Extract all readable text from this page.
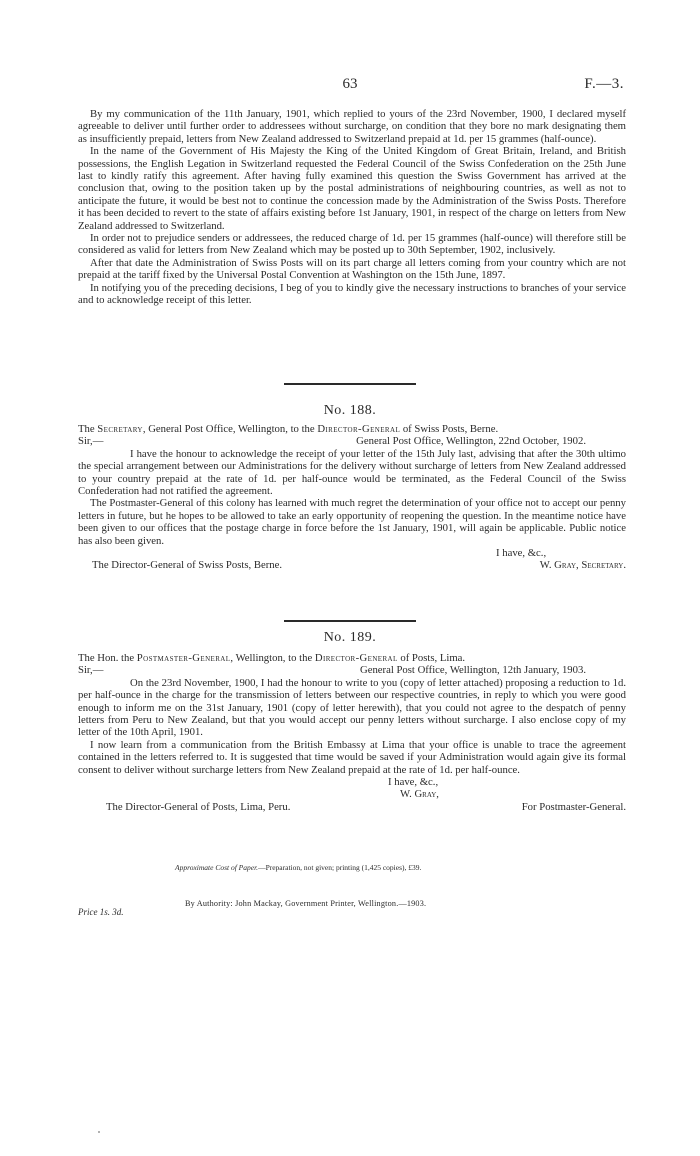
63	F.—3.

By my communication of the 11th January, 1901, which replied to yours of the 23rd November, 1900, I declared myself agreeable to deliver until further order to addressees without surcharge, on condition that they bore no mark designating them as insufficiently prepaid, letters from New Zealand addressed to Switzerland prepaid at 1d. per 15 grammes (half-ounce).

In the name of the Government of His Majesty the King of the United Kingdom of Great Britain, Ireland, and British possessions, the English Legation in Switzerland requested the Federal Council of the Swiss Confederation on the 25th June last to kindly ratify this agreement. After having fully examined this question the Swiss Government has arrived at the conclusion that, owing to the position taken up by the postal administrations of neighbouring countries, as well as not to anticipate the future, it would be best not to continue the concession made by the Administration of the Swiss Posts. Therefore it has been decided to revert to the state of affairs existing before 1st January, 1901, in respect of the charge on letters from New Zealand addressed to Switzerland.

In order not to prejudice senders or addressees, the reduced charge of 1d. per 15 grammes (half-ounce) will therefore still be considered as valid for letters from New Zealand which may be posted up to 30th September, 1902, inclusively.

After that date the Administration of Swiss Posts will on its part charge all letters coming from your country which are not prepaid at the tariff fixed by the Universal Postal Convention at Washington on the 15th June, 1897.

In notifying you of the preceding decisions, I beg of you to kindly give the necessary instructions to branches of your service and to acknowledge receipt of this letter.

No. 188.

The Secretary, General Post Office, Wellington, to the Director-General of Swiss Posts, Berne.

Sir,—	General Post Office, Wellington, 22nd October, 1902.

I have the honour to acknowledge the receipt of your letter of the 15th July last, advising that after the 30th ultimo the special arrangement between our Administrations for the delivery without surcharge of letters from New Zealand addressed to your country prepaid at the rate of 1d. per half-ounce would be terminated, as the Federal Council of the Swiss Confederation had not ratified the agreement.

The Postmaster-General of this colony has learned with much regret the determination of your office not to accept our penny letters in future, but he hopes to be allowed to take an early opportunity of reopening the question. In the meantime notice have been given to our offices that the postage charge in force before the 1st January, 1901, will again be applicable. Public notice has also been given.

I have, &c.,
The Director-General of Swiss Posts, Berne.	W. Gray, Secretary.
No. 189.

The Hon. the Postmaster-General, Wellington, to the Director-General of Posts, Lima.

Sir,—	General Post Office, Wellington, 12th January, 1903.

On the 23rd November, 1900, I had the honour to write to you (copy of letter attached) proposing a reduction to 1d. per half-ounce in the charge for the transmission of letters between our respective countries, in reply to which you were good enough to inform me on the 31st January, 1901 (copy of letter herewith), that you could not agree to the despatch of penny letters from Peru to New Zealand, but that you would accept our penny letters without surcharge. I also enclose copy of my letter of the 10th April, 1901.

I now learn from a communication from the British Embassy at Lima that your office is unable to trace the agreement contained in the letters referred to. It is suggested that time would be saved if your Administration would again give its formal consent to deliver without surcharge letters from New Zealand prepaid at the rate of 1d. per half-ounce.

I have, &c.,
W. Gray,
The Director-General of Posts, Lima, Peru.	For Postmaster-General.
Approximate Cost of Paper.—Preparation, not given; printing (1,425 copies), £39.
By Authority: John Mackay, Government Printer, Wellington.—1903.
Price 1s. 3d.
